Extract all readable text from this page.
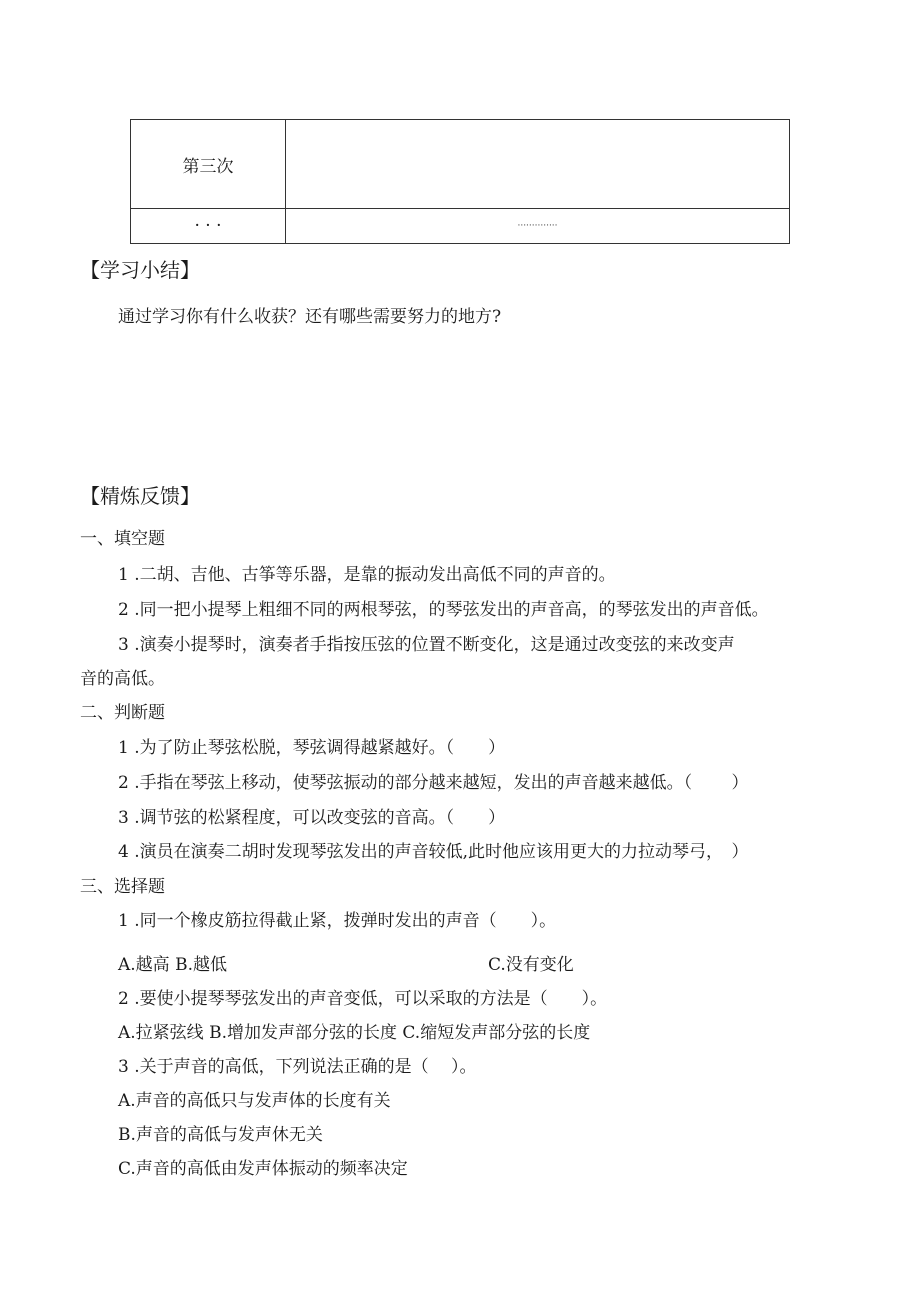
第三次	
· · ·	··············
【学习小结】
通过学习你有什么收获？还有哪些需要努力的地方?
【精炼反馈】
一、填空题
1 .二胡、吉他、古筝等乐器，是靠的振动发出高低不同的声音的。
2 .同一把小提琴上粗细不同的两根琴弦，的琴弦发出的声音高，的琴弦发出的声音低。
3 .演奏小提琴时，演奏者手指按压弦的位置不断变化，这是通过改变弦的来改变声
音的高低。
二、判断题
1 .为了防止琴弦松脱，琴弦调得越紧越好。（　　）
2 .手指在琴弦上移动，使琴弦振动的部分越来越短，发出的声音越来越低。（　　 ）
3 .调节弦的松紧程度，可以改变弦的音高。（　　）
4 .演员在演奏二胡时发现琴弦发出的声音较低,此时他应该用更大的力拉动琴弓，　）
三、选择题
1 .同一个橡皮筋拉得截止紧，拨弹时发出的声音（　　）。
A.越高 B.越低	C.没有变化
2 .要使小提琴琴弦发出的声音变低，可以采取的方法是（　　）。
A.拉紧弦线 B.增加发声部分弦的长度 C.缩短发声部分弦的长度
3 .关于声音的高低，下列说法正确的是（　 ）。
A.声音的高低只与发声体的长度有关
B.声音的高低与发声休无关
C.声音的高低由发声体振动的频率决定
